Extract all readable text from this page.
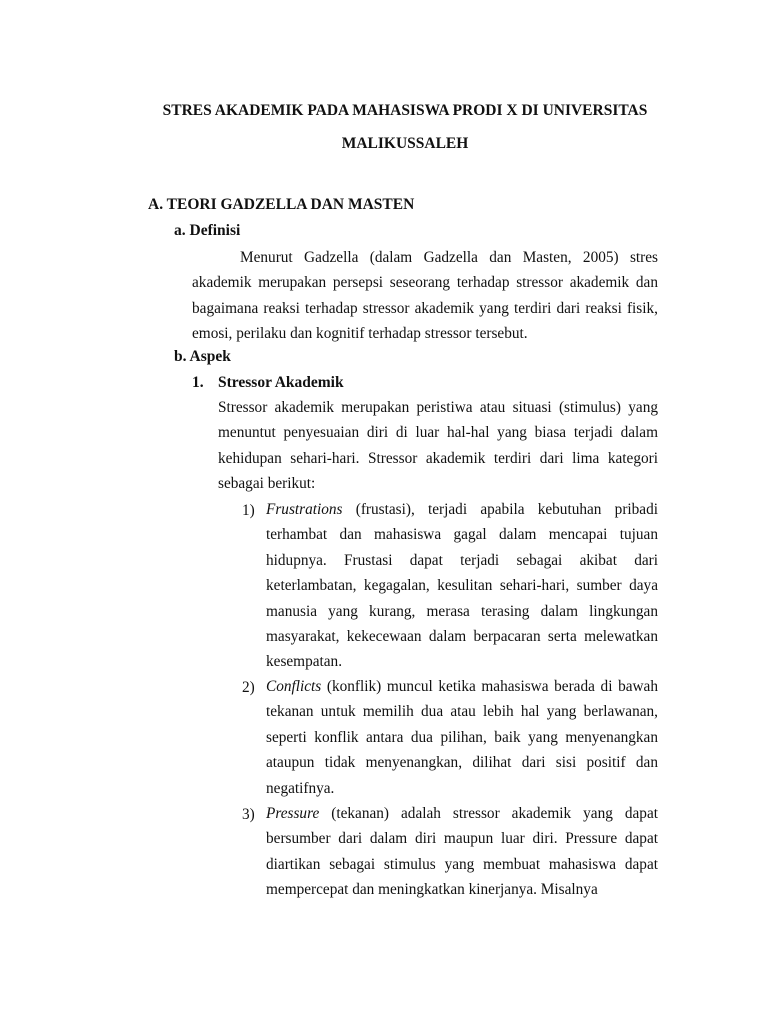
STRES AKADEMIK PADA MAHASISWA PRODI X DI UNIVERSITAS
MALIKUSSALEH
A. TEORI GADZELLA DAN MASTEN
a. Definisi
Menurut Gadzella (dalam Gadzella dan Masten, 2005) stres akademik merupakan persepsi seseorang terhadap stressor akademik dan bagaimana reaksi terhadap stressor akademik yang terdiri dari reaksi fisik, emosi, perilaku dan kognitif terhadap stressor tersebut.
b. Aspek
1. Stressor Akademik
Stressor akademik merupakan peristiwa atau situasi (stimulus) yang menuntut penyesuaian diri di luar hal-hal yang biasa terjadi dalam kehidupan sehari-hari. Stressor akademik terdiri dari lima kategori sebagai berikut:
1) Frustrations (frustasi), terjadi apabila kebutuhan pribadi terhambat dan mahasiswa gagal dalam mencapai tujuan hidupnya. Frustasi dapat terjadi sebagai akibat dari keterlambatan, kegagalan, kesulitan sehari-hari, sumber daya manusia yang kurang, merasa terasing dalam lingkungan masyarakat, kekecewaan dalam berpacaran serta melewatkan kesempatan.
2) Conflicts (konflik) muncul ketika mahasiswa berada di bawah tekanan untuk memilih dua atau lebih hal yang berlawanan, seperti konflik antara dua pilihan, baik yang menyenangkan ataupun tidak menyenangkan, dilihat dari sisi positif dan negatifnya.
3) Pressure (tekanan) adalah stressor akademik yang dapat bersumber dari dalam diri maupun luar diri. Pressure dapat diartikan sebagai stimulus yang membuat mahasiswa dapat mempercepat dan meningkatkan kinerjanya. Misalnya
